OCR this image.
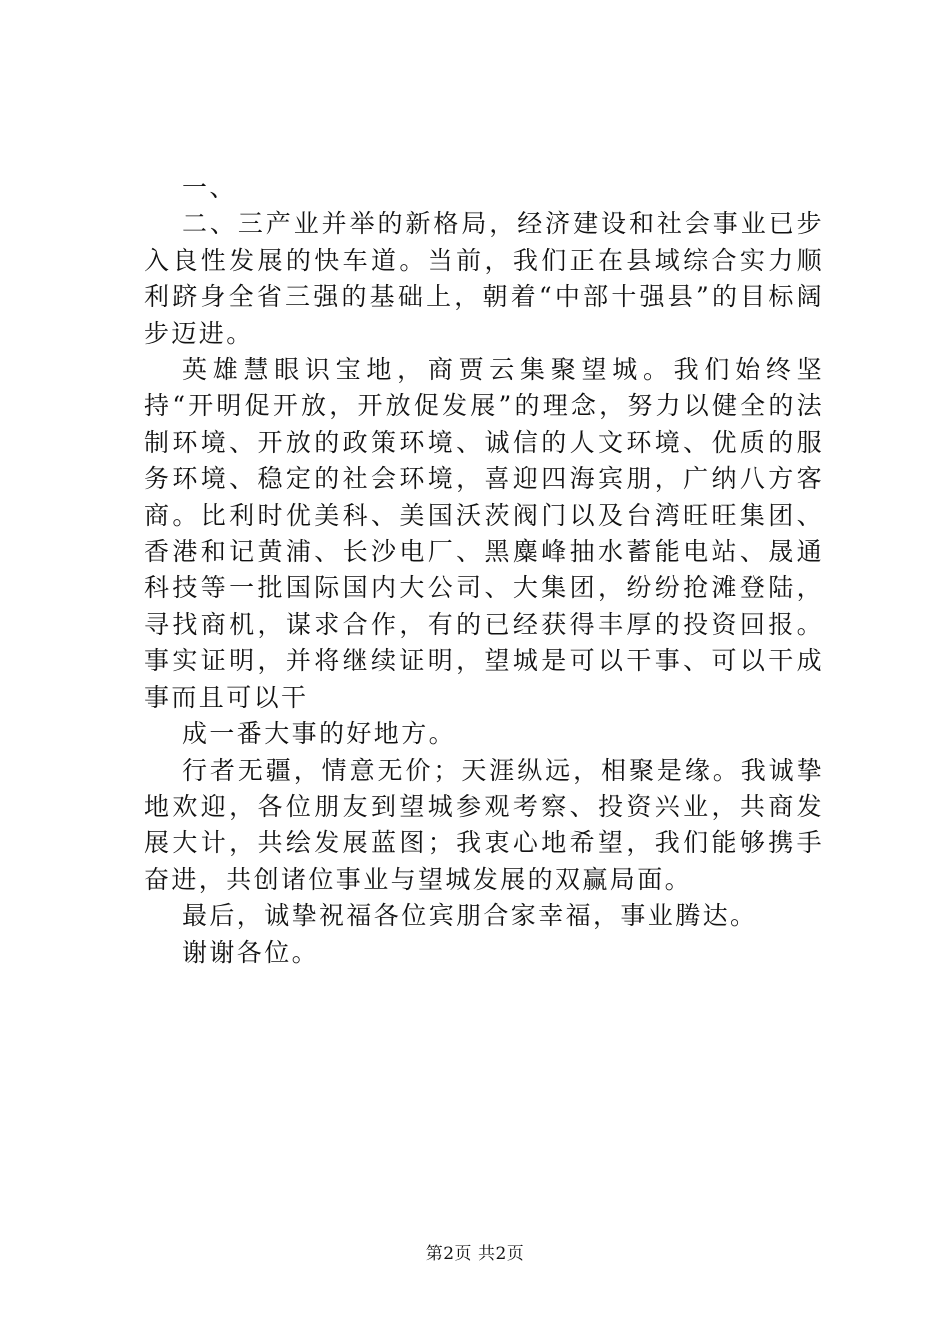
一、

二、三产业并举的新格局，经济建设和社会事业已步入良性发展的快车道。当前，我们正在县域综合实力顺利跻身全省三强的基础上，朝着“中部十强县”的目标阔步迈进。

英雄慧眼识宝地，商贾云集聚望城。我们始终坚持“开明促开放，开放促发展”的理念，努力以健全的法制环境、开放的政策环境、诚信的人文环境、优质的服务环境、稳定的社会环境，喜迎四海宾朋，广纳八方客商。比利时优美科、美国沃茨阀门以及台湾旺旺集团、香港和记黄浦、长沙电厂、黑麋峰抽水蓄能电站、晟通科技等一批国际国内大公司、大集团，纷纷抢滩登陆，寻找商机，谋求合作，有的已经获得丰厚的投资回报。事实证明，并将继续证明，望城是可以干事、可以干成事而且可以干

成一番大事的好地方。

行者无疆，情意无价；天涯纵远，相聚是缘。我诚挚地欢迎，各位朋友到望城参观考察、投资兴业，共商发展大计，共绘发展蓝图；我衷心地希望，我们能够携手奋进，共创诸位事业与望城发展的双赢局面。

最后，诚挚祝福各位宾朋合家幸福，事业腾达。

谢谢各位。

第2页 共2页
